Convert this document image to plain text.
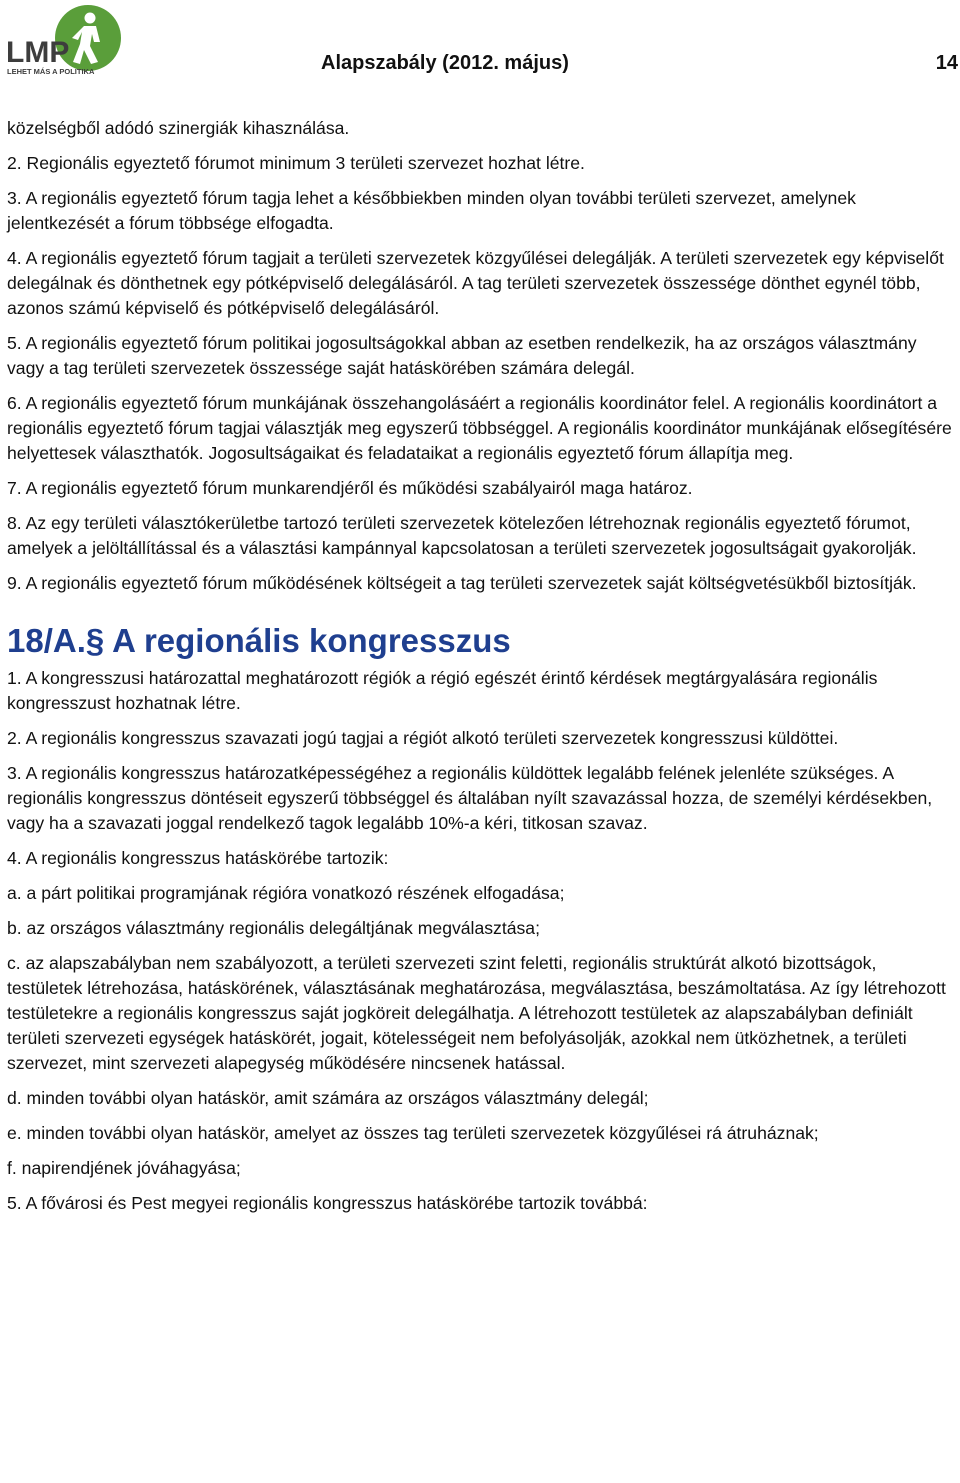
LMP
LEHET MÁS A POLITIKA	Alapszabály (2012. május)	14

közelségből adódó szinergiák kihasználása.

2. Regionális egyeztető fórumot minimum 3 területi szervezet hozhat létre.

3. A regionális egyeztető fórum tagja lehet a későbbiekben minden olyan további területi szervezet, amelynek jelentkezését a fórum többsége elfogadta.

4. A regionális egyeztető fórum tagjait a területi szervezetek közgyűlései delegálják. A területi szervezetek egy képviselőt delegálnak és dönthetnek egy pótképviselő delegálásáról. A tag területi szervezetek összessége dönthet egynél több, azonos számú képviselő és pótképviselő delegálásáról.

5. A regionális egyeztető fórum politikai jogosultságokkal abban az esetben rendelkezik, ha az országos választmány vagy a tag területi szervezetek összessége saját hatáskörében számára delegál.

6. A regionális egyeztető fórum munkájának összehangolásáért a regionális koordinátor felel. A regionális koordinátort a regionális egyeztető fórum tagjai választják meg egyszerű többséggel. A regionális koordinátor munkájának elősegítésére helyettesek választhatók. Jogosultságaikat és feladataikat a regionális egyeztető fórum állapítja meg.

7. A regionális egyeztető fórum munkarendjéről és működési szabályairól maga határoz.

8. Az egy területi választókerületbe tartozó területi szervezetek kötelezően létrehoznak regionális egyeztető fórumot, amelyek a jelöltállítással és a választási kampánnyal kapcsolatosan a területi szervezetek jogosultságait gyakorolják.

9. A regionális egyeztető fórum működésének költségeit a tag területi szervezetek saját költségvetésükből biztosítják.

18/A.§ A regionális kongresszus

1. A kongresszusi határozattal meghatározott régiók a régió egészét érintő kérdések megtárgyalására regionális kongresszust hozhatnak létre.

2. A regionális kongresszus szavazati jogú tagjai a régiót alkotó területi szervezetek kongresszusi küldöttei.

3. A regionális kongresszus határozatképességéhez a regionális küldöttek legalább felének jelenléte szükséges. A regionális kongresszus döntéseit egyszerű többséggel és általában nyílt szavazással hozza, de személyi kérdésekben, vagy ha a szavazati joggal rendelkező tagok legalább 10%-a kéri, titkosan szavaz.

4. A regionális kongresszus hatáskörébe tartozik:

a. a párt politikai programjának régióra vonatkozó részének elfogadása;

b. az országos választmány regionális delegáltjának megválasztása;

c. az alapszabályban nem szabályozott, a területi szervezeti szint feletti, regionális struktúrát alkotó bizottságok, testületek létrehozása, hatáskörének, választásának meghatározása, megválasztása, beszámoltatása. Az így létrehozott testületekre a regionális kongresszus saját jogköreit delegálhatja. A létrehozott testületek az alapszabályban definiált területi szervezeti egységek hatáskörét, jogait, kötelességeit nem befolyásolják, azokkal nem ütközhetnek, a területi szervezet, mint szervezeti alapegység működésére nincsenek hatással.

d. minden további olyan hatáskör, amit számára az országos választmány delegál;

e. minden további olyan hatáskör, amelyet az összes tag területi szervezetek közgyűlései rá átruháznak;

f. napirendjének jóváhagyása;

5. A fővárosi és Pest megyei regionális kongresszus hatáskörébe tartozik továbbá:
